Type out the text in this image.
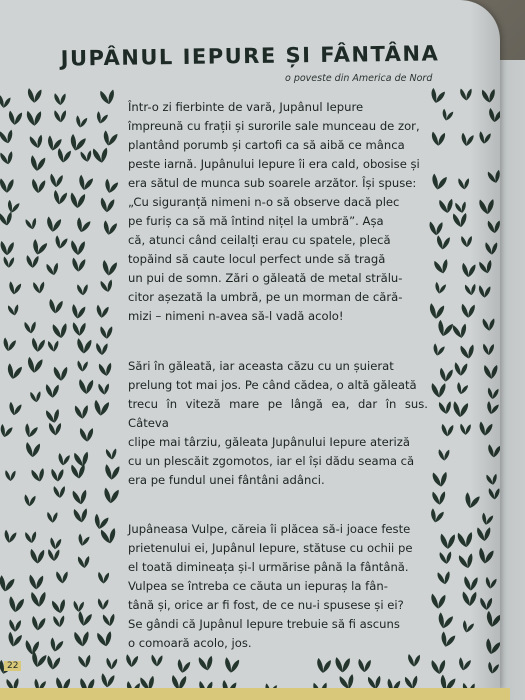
JUPÂNUL IEPURE ȘI FÂNTÂNA
o poveste din America de Nord

Într-o zi fierbinte de vară, Jupânul Iepure
împreună cu frații și surorile sale munceau de zor,
plantând porumb și cartofi ca să aibă ce mânca
peste iarnă. Jupânului Iepure îi era cald, obosise și
era sătul de munca sub soarele arzător. Își spuse:
„Cu siguranță nimeni n-o să observe dacă plec
pe furiș ca să mă întind nițel la umbră”. Așa
că, atunci când ceilalți erau cu spatele, plecă
topăind să caute locul perfect unde să tragă
un pui de somn. Zări o găleată de metal strălu-
citor așezată la umbră, pe un morman de cără-
mizi – nimeni n-avea să-l vadă acolo!

Sări în găleată, iar aceasta căzu cu un șuierat
prelung tot mai jos. Pe când cădea, o altă găleată
trecu în viteză mare pe lângă ea, dar în sus. Câteva
clipe mai târziu, găleata Jupânului Iepure ateriză
cu un plescăit zgomotos, iar el își dădu seama că
era pe fundul unei fântâni adânci.

Jupâneasa Vulpe, căreia îi plăcea să-i joace feste
prietenului ei, Jupânul Iepure, stătuse cu ochii pe
el toată dimineața și-l urmărise până la fântână.
Vulpea se întreba ce căuta un iepuraș la fân-
tână și, orice ar fi fost, de ce nu-i spusese și ei?
Se gândi că Jupânul Iepure trebuie să fi ascuns
o comoară acolo, jos.

22
